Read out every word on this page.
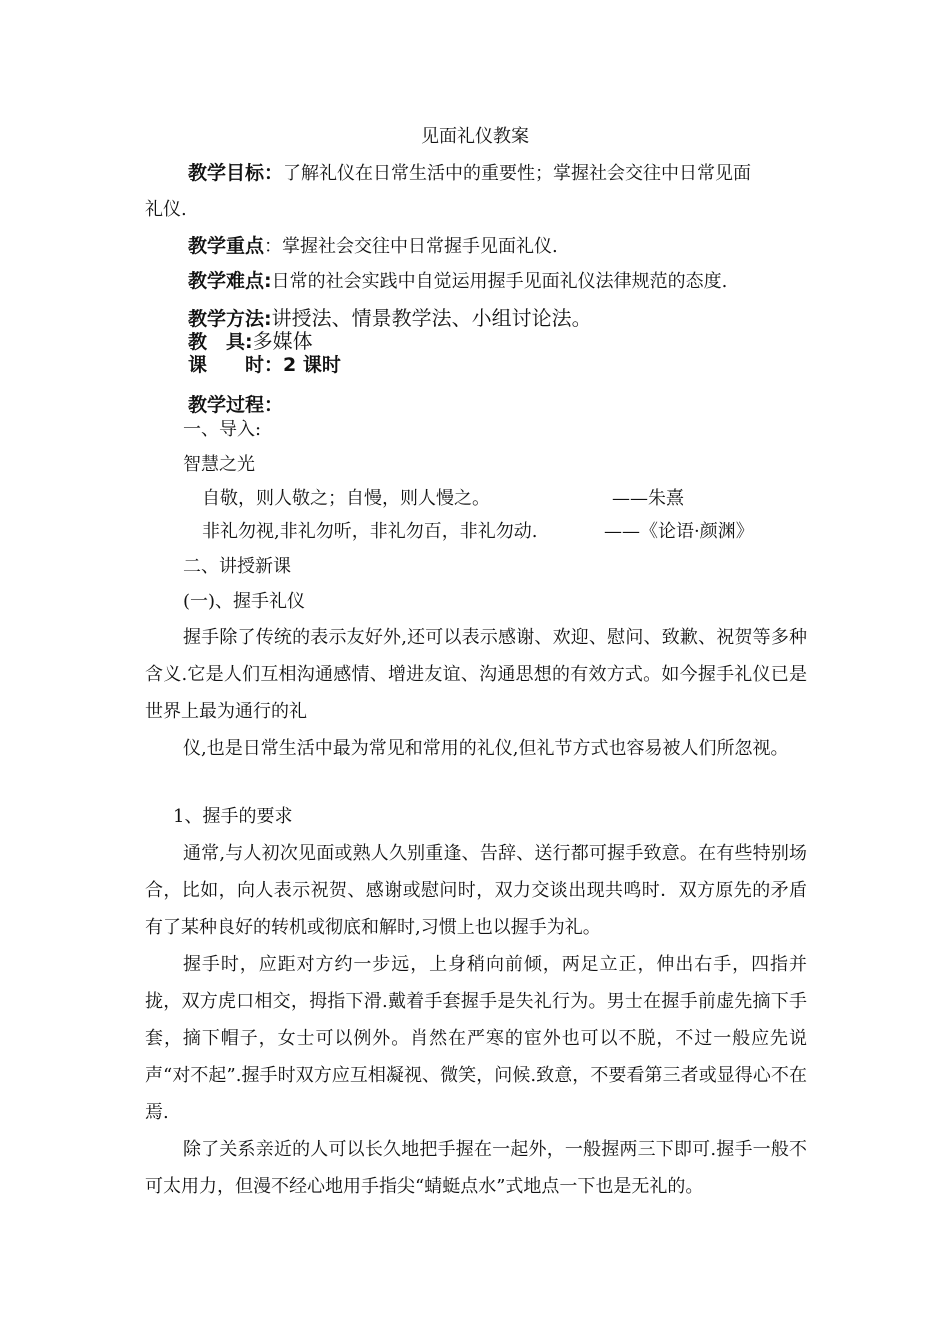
见面礼仪教案
教学目标：了解礼仪在日常生活中的重要性；掌握社会交往中日常见面
礼仪.
教学重点：掌握社会交往中日常握手见面礼仪.
教学难点:日常的社会实践中自觉运用握手见面礼仪法律规范的态度.
教学方法:讲授法、情景教学法、小组讨论法。
教　具:多媒体
课　　时：2 课时
教学过程：
一、导入:
智慧之光
自敬，则人敬之；自慢，则人慢之。	——朱熹
非礼勿视,非礼勿听，非礼勿百，非礼勿动.	——《论语·颜渊》
二、讲授新课
(一)、握手礼仪
握手除了传统的表示友好外,还可以表示感谢、欢迎、慰问、致歉、祝贺等多种含义.它是人们互相沟通感情、增进友谊、沟通思想的有效方式。如今握手礼仪已是世界上最为通行的礼
仪,也是日常生活中最为常见和常用的礼仪,但礼节方式也容易被人们所忽视。
1、握手的要求
通常,与人初次见面或熟人久别重逢、告辞、送行都可握手致意。在有些特别场合，比如，向人表示祝贺、感谢或慰问时，双力交谈出现共鸣时．双方原先的矛盾有了某种良好的转机或彻底和解时,习惯上也以握手为礼。
握手时，应距对方约一步远，上身稍向前倾，两足立正，伸出右手，四指并拢，双方虎口相交，拇指下滑.戴着手套握手是失礼行为。男士在握手前虚先摘下手套，摘下帽子，女士可以例外。肖然在严寒的宦外也可以不脱，不过一般应先说声“对不起”.握手时双方应互相凝视、微笑，问候.致意，不要看第三者或显得心不在焉.
除了关系亲近的人可以长久地把手握在一起外，一般握两三下即可.握手一般不可太用力，但漫不经心地用手指尖“蜻蜓点水”式地点一下也是无礼的。
